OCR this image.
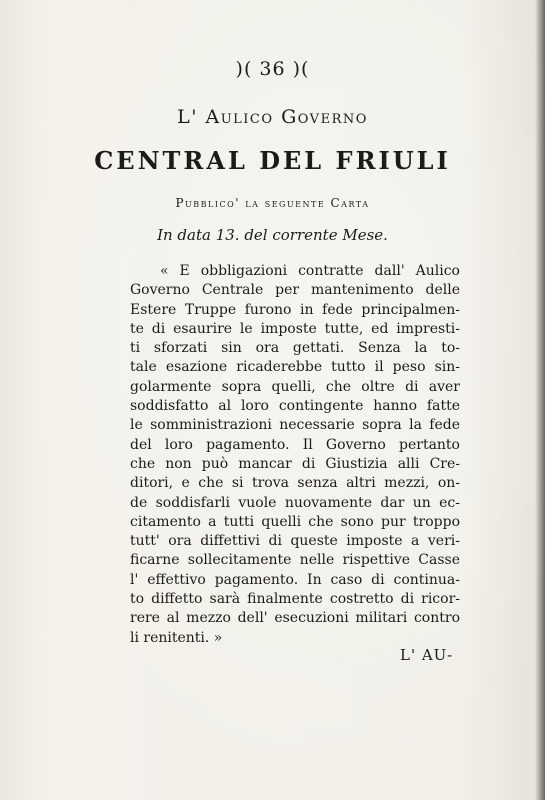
)( 36 )(
L' Aulico Governo
CENTRAL DEL FRIULI
Pubblico' la seguente Carta
In data 13. del corrente Mese.
« E obbligazioni contratte dall' Aulico
Governo Centrale per mantenimento delle
Estere Truppe furono in fede principalmen-
te di esaurire le imposte tutte, ed impresti-
ti sforzati sin ora gettati. Senza la to-
tale esazione ricaderebbe tutto il peso sin-
golarmente sopra quelli, che oltre di aver
soddisfatto al loro contingente hanno fatte
le somministrazioni necessarie sopra la fede
del loro pagamento. Il Governo pertanto
che non può mancar di Giustizia alli Cre-
ditori, e che si trova senza altri mezzi, on-
de soddisfarli vuole nuovamente dar un ec-
citamento a tutti quelli che sono pur troppo
tutt' ora diffettivi di queste imposte a veri-
ficarne sollecitamente nelle rispettive Casse
l' effettivo pagamento. In caso di continua-
to diffetto sarà finalmente costretto di ricor-
rere al mezzo dell' esecuzioni militari contro
li renitenti. »
L' AU-
